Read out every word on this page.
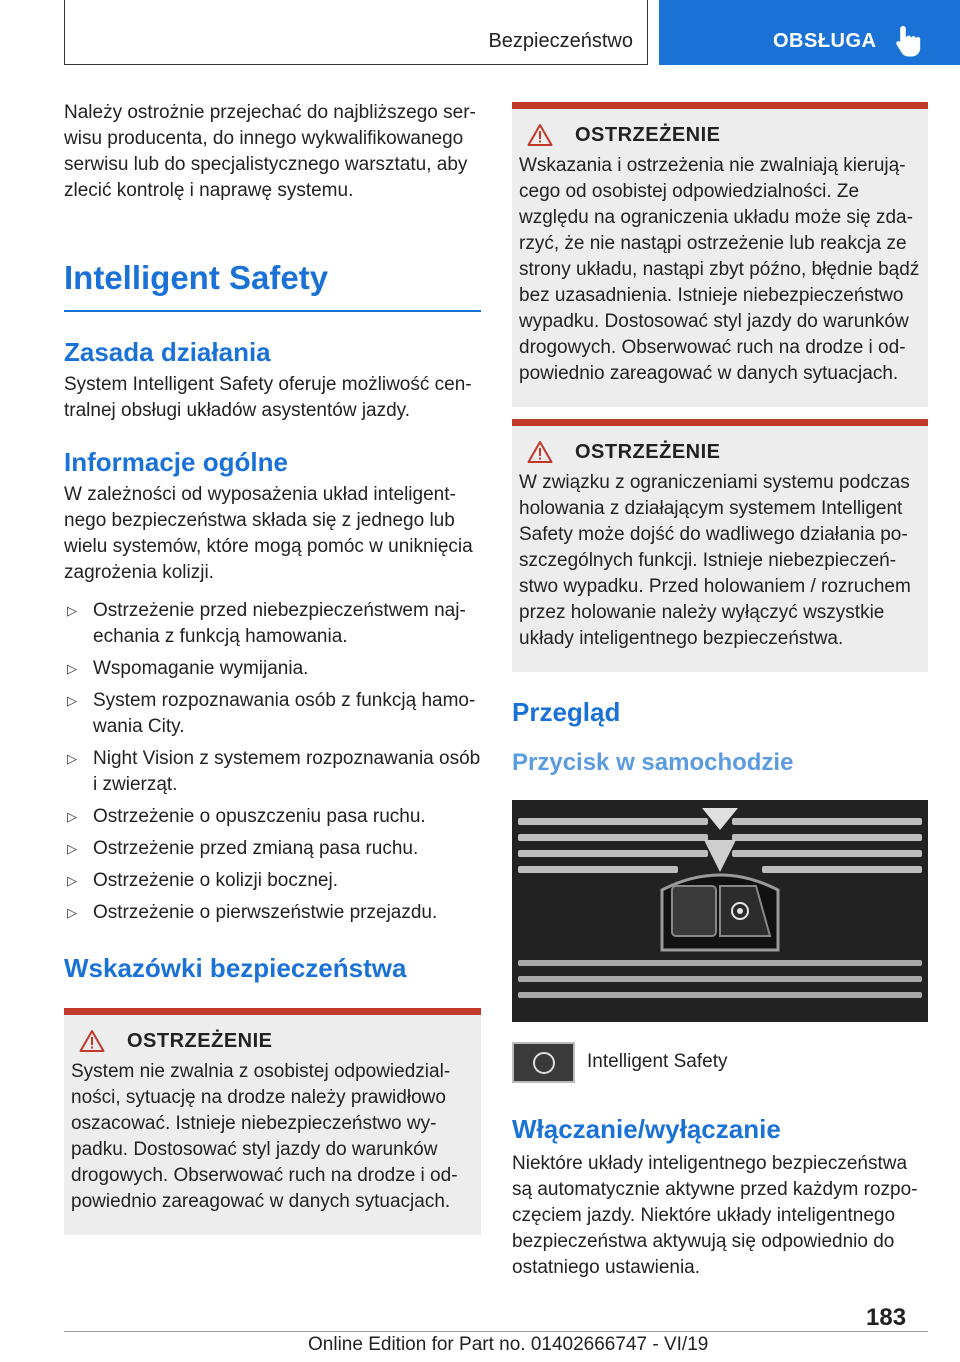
Bezpieczeństwo	OBSŁUGA

Należy ostrożnie przejechać do najbliższego serwisu producenta, do innego wykwalifikowanego serwisu lub do specjalistycznego warsztatu, aby zlecić kontrolę i naprawę systemu.

Intelligent Safety
Zasada działania

System Intelligent Safety oferuje możliwość centralnej obsługi układów asystentów jazdy.

Informacje ogólne

W zależności od wyposażenia układ inteligentnego bezpieczeństwa składa się z jednego lub wielu systemów, które mogą pomóc w uniknięcia zagrożenia kolizji.

▷ Ostrzeżenie przed niebezpieczeństwem najechania z funkcją hamowania.
▷ Wspomaganie wymijania.
▷ System rozpoznawania osób z funkcją hamowania City.
▷ Night Vision z systemem rozpoznawania osób i zwierząt.
▷ Ostrzeżenie o opuszczeniu pasa ruchu.
▷ Ostrzeżenie przed zmianą pasa ruchu.
▷ Ostrzeżenie o kolizji bocznej.
▷ Ostrzeżenie o pierwszeństwie przejazdu.
Wskazówki bezpieczeństwa
OSTRZEŻENIE

System nie zwalnia z osobistej odpowiedzialności, sytuację na drodze należy prawidłowo oszacować. Istnieje niebezpieczeństwo wypadku. Dostosować styl jazdy do warunków drogowych. Obserwować ruch na drodze i odpowiednio zareagować w danych sytuacjach.

OSTRZEŻENIE

Wskazania i ostrzeżenia nie zwalniają kierującego od osobistej odpowiedzialności. Ze względu na ograniczenia układu może się zdarzyć, że nie nastąpi ostrzeżenie lub reakcja ze strony układu, nastąpi zbyt późno, błędnie bądź bez uzasadnienia. Istnieje niebezpieczeństwo wypadku. Dostosować styl jazdy do warunków drogowych. Obserwować ruch na drodze i odpowiednio zareagować w danych sytuacjach.

OSTRZEŻENIE

W związku z ograniczeniami systemu podczas holowania z działającym systemem Intelligent Safety może dojść do wadliwego działania poszczególnych funkcji. Istnieje niebezpieczeństwo wypadku. Przed holowaniem / rozruchem przez holowanie należy wyłączyć wszystkie układy inteligentnego bezpieczeństwa.

Przegląd
Przycisk w samochodzie
Intelligent Safety
Włączanie/wyłączanie

Niektóre układy inteligentnego bezpieczeństwa są automatycznie aktywne przed każdym rozpoczęciem jazdy. Niektóre układy inteligentnego bezpieczeństwa aktywują się odpowiednio do ostatniego ustawienia.

183
Online Edition for Part no. 01402666747 - VI/19
